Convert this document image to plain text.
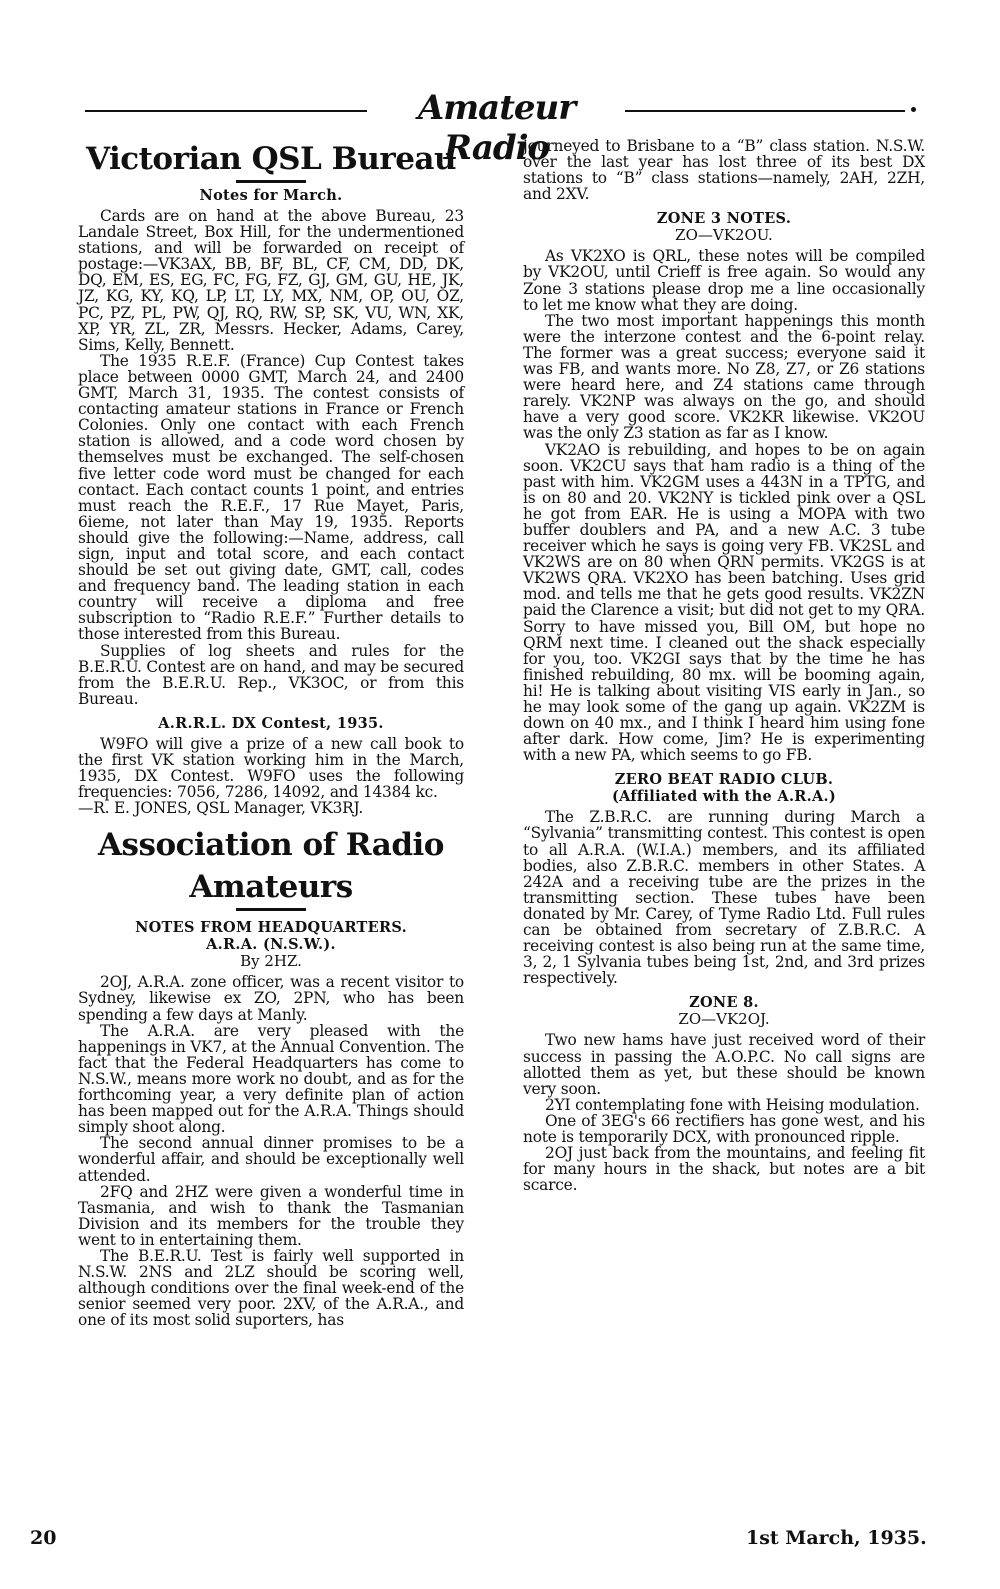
Amateur Radio
Victorian QSL Bureau

Notes for March.

Cards are on hand at the above Bureau, 23 Landale Street, Box Hill, for the undermentioned stations, and will be forwarded on receipt of postage:—VK3AX, BB, BF, BL, CF, CM, DD, DK, DQ, EM, ES, EG, FC, FG, FZ, GJ, GM, GU, HE, JK, JZ, KG, KY, KQ, LP, LT, LY, MX, NM, OP, OU, OZ, PC, PZ, PL, PW, QJ, RQ, RW, SP, SK, VU, WN, XK, XP, YR, ZL, ZR, Messrs. Hecker, Adams, Carey, Sims, Kelly, Bennett.

The 1935 R.E.F. (France) Cup Contest takes place between 0000 GMT, March 24, and 2400 GMT, March 31, 1935. The contest consists of contacting amateur stations in France or French Colonies. Only one contact with each French station is allowed, and a code word chosen by themselves must be exchanged. The self-chosen five letter code word must be changed for each contact. Each contact counts 1 point, and entries must reach the R.E.F., 17 Rue Mayet, Paris, 6ieme, not later than May 19, 1935. Reports should give the following:—Name, address, call sign, input and total score, and each contact should be set out giving date, GMT, call, codes and frequency band. The leading station in each country will receive a diploma and free subscription to “Radio R.E.F.” Further details to those interested from this Bureau.

Supplies of log sheets and rules for the B.E.R.U. Contest are on hand, and may be secured from the B.E.R.U. Rep., VK3OC, or from this Bureau.

A.R.R.L. DX Contest, 1935.

W9FO will give a prize of a new call book to the first VK station working him in the March, 1935, DX Contest. W9FO uses the following frequencies: 7056, 7286, 14092, and 14384 kc.

—R. E. JONES, QSL Manager, VK3RJ.

Association of Radio Amateurs

NOTES FROM HEADQUARTERS.

A.R.A. (N.S.W.).

By 2HZ.

2OJ, A.R.A. zone officer, was a recent visitor to Sydney, likewise ex ZO, 2PN, who has been spending a few days at Manly.

The A.R.A. are very pleased with the happenings in VK7, at the Annual Convention. The fact that the Federal Headquarters has come to N.S.W., means more work no doubt, and as for the forthcoming year, a very definite plan of action has been mapped out for the A.R.A. Things should simply shoot along.

The second annual dinner promises to be a wonderful affair, and should be exceptionally well attended.

2FQ and 2HZ were given a wonderful time in Tasmania, and wish to thank the Tasmanian Division and its members for the trouble they went to in entertaining them.

The B.E.R.U. Test is fairly well supported in N.S.W. 2NS and 2LZ should be scoring well, although conditions over the final week-end of the senior seemed very poor. 2XV, of the A.R.A., and one of its most solid suporters, has

journeyed to Brisbane to a “B” class station. N.S.W. over the last year has lost three of its best DX stations to “B” class stations—namely, 2AH, 2ZH, and 2XV.

ZONE 3 NOTES.

ZO—VK2OU.

As VK2XO is QRL, these notes will be compiled by VK2OU, until Crieff is free again. So would any Zone 3 stations please drop me a line occasionally to let me know what they are doing.

The two most important happenings this month were the interzone contest and the 6-point relay. The former was a great success; everyone said it was FB, and wants more. No Z8, Z7, or Z6 stations were heard here, and Z4 stations came through rarely. VK2NP was always on the go, and should have a very good score. VK2KR likewise. VK2OU was the only Z3 station as far as I know.

VK2AO is rebuilding, and hopes to be on again soon. VK2CU says that ham radio is a thing of the past with him. VK2GM uses a 443N in a TPTG, and is on 80 and 20. VK2NY is tickled pink over a QSL he got from EAR. He is using a MOPA with two buffer doublers and PA, and a new A.C. 3 tube receiver which he says is going very FB. VK2SL and VK2WS are on 80 when QRN permits. VK2GS is at VK2WS QRA. VK2XO has been batching. Uses grid mod. and tells me that he gets good results. VK2ZN paid the Clarence a visit; but did not get to my QRA. Sorry to have missed you, Bill OM, but hope no QRM next time. I cleaned out the shack especially for you, too. VK2GI says that by the time he has finished rebuilding, 80 mx. will be booming again, hi! He is talking about visiting VIS early in Jan., so he may look some of the gang up again. VK2ZM is down on 40 mx., and I think I heard him using fone after dark. How come, Jim? He is experimenting with a new PA, which seems to go FB.

ZERO BEAT RADIO CLUB.

(Affiliated with the A.R.A.)

The Z.B.R.C. are running during March a “Sylvania” transmitting contest. This contest is open to all A.R.A. (W.I.A.) members, and its affiliated bodies, also Z.B.R.C. members in other States. A 242A and a receiving tube are the prizes in the transmitting section. These tubes have been donated by Mr. Carey, of Tyme Radio Ltd. Full rules can be obtained from secretary of Z.B.R.C. A receiving contest is also being run at the same time, 3, 2, 1 Sylvania tubes being 1st, 2nd, and 3rd prizes respectively.

ZONE 8.

ZO—VK2OJ.

Two new hams have just received word of their success in passing the A.O.P.C. No call signs are allotted them as yet, but these should be known very soon.

2YI contemplating fone with Heising modulation.

One of 3EG's 66 rectifiers has gone west, and his note is temporarily DCX, with pronounced ripple.

2OJ just back from the mountains, and feeling fit for many hours in the shack, but notes are a bit scarce.

20	1st March, 1935.
